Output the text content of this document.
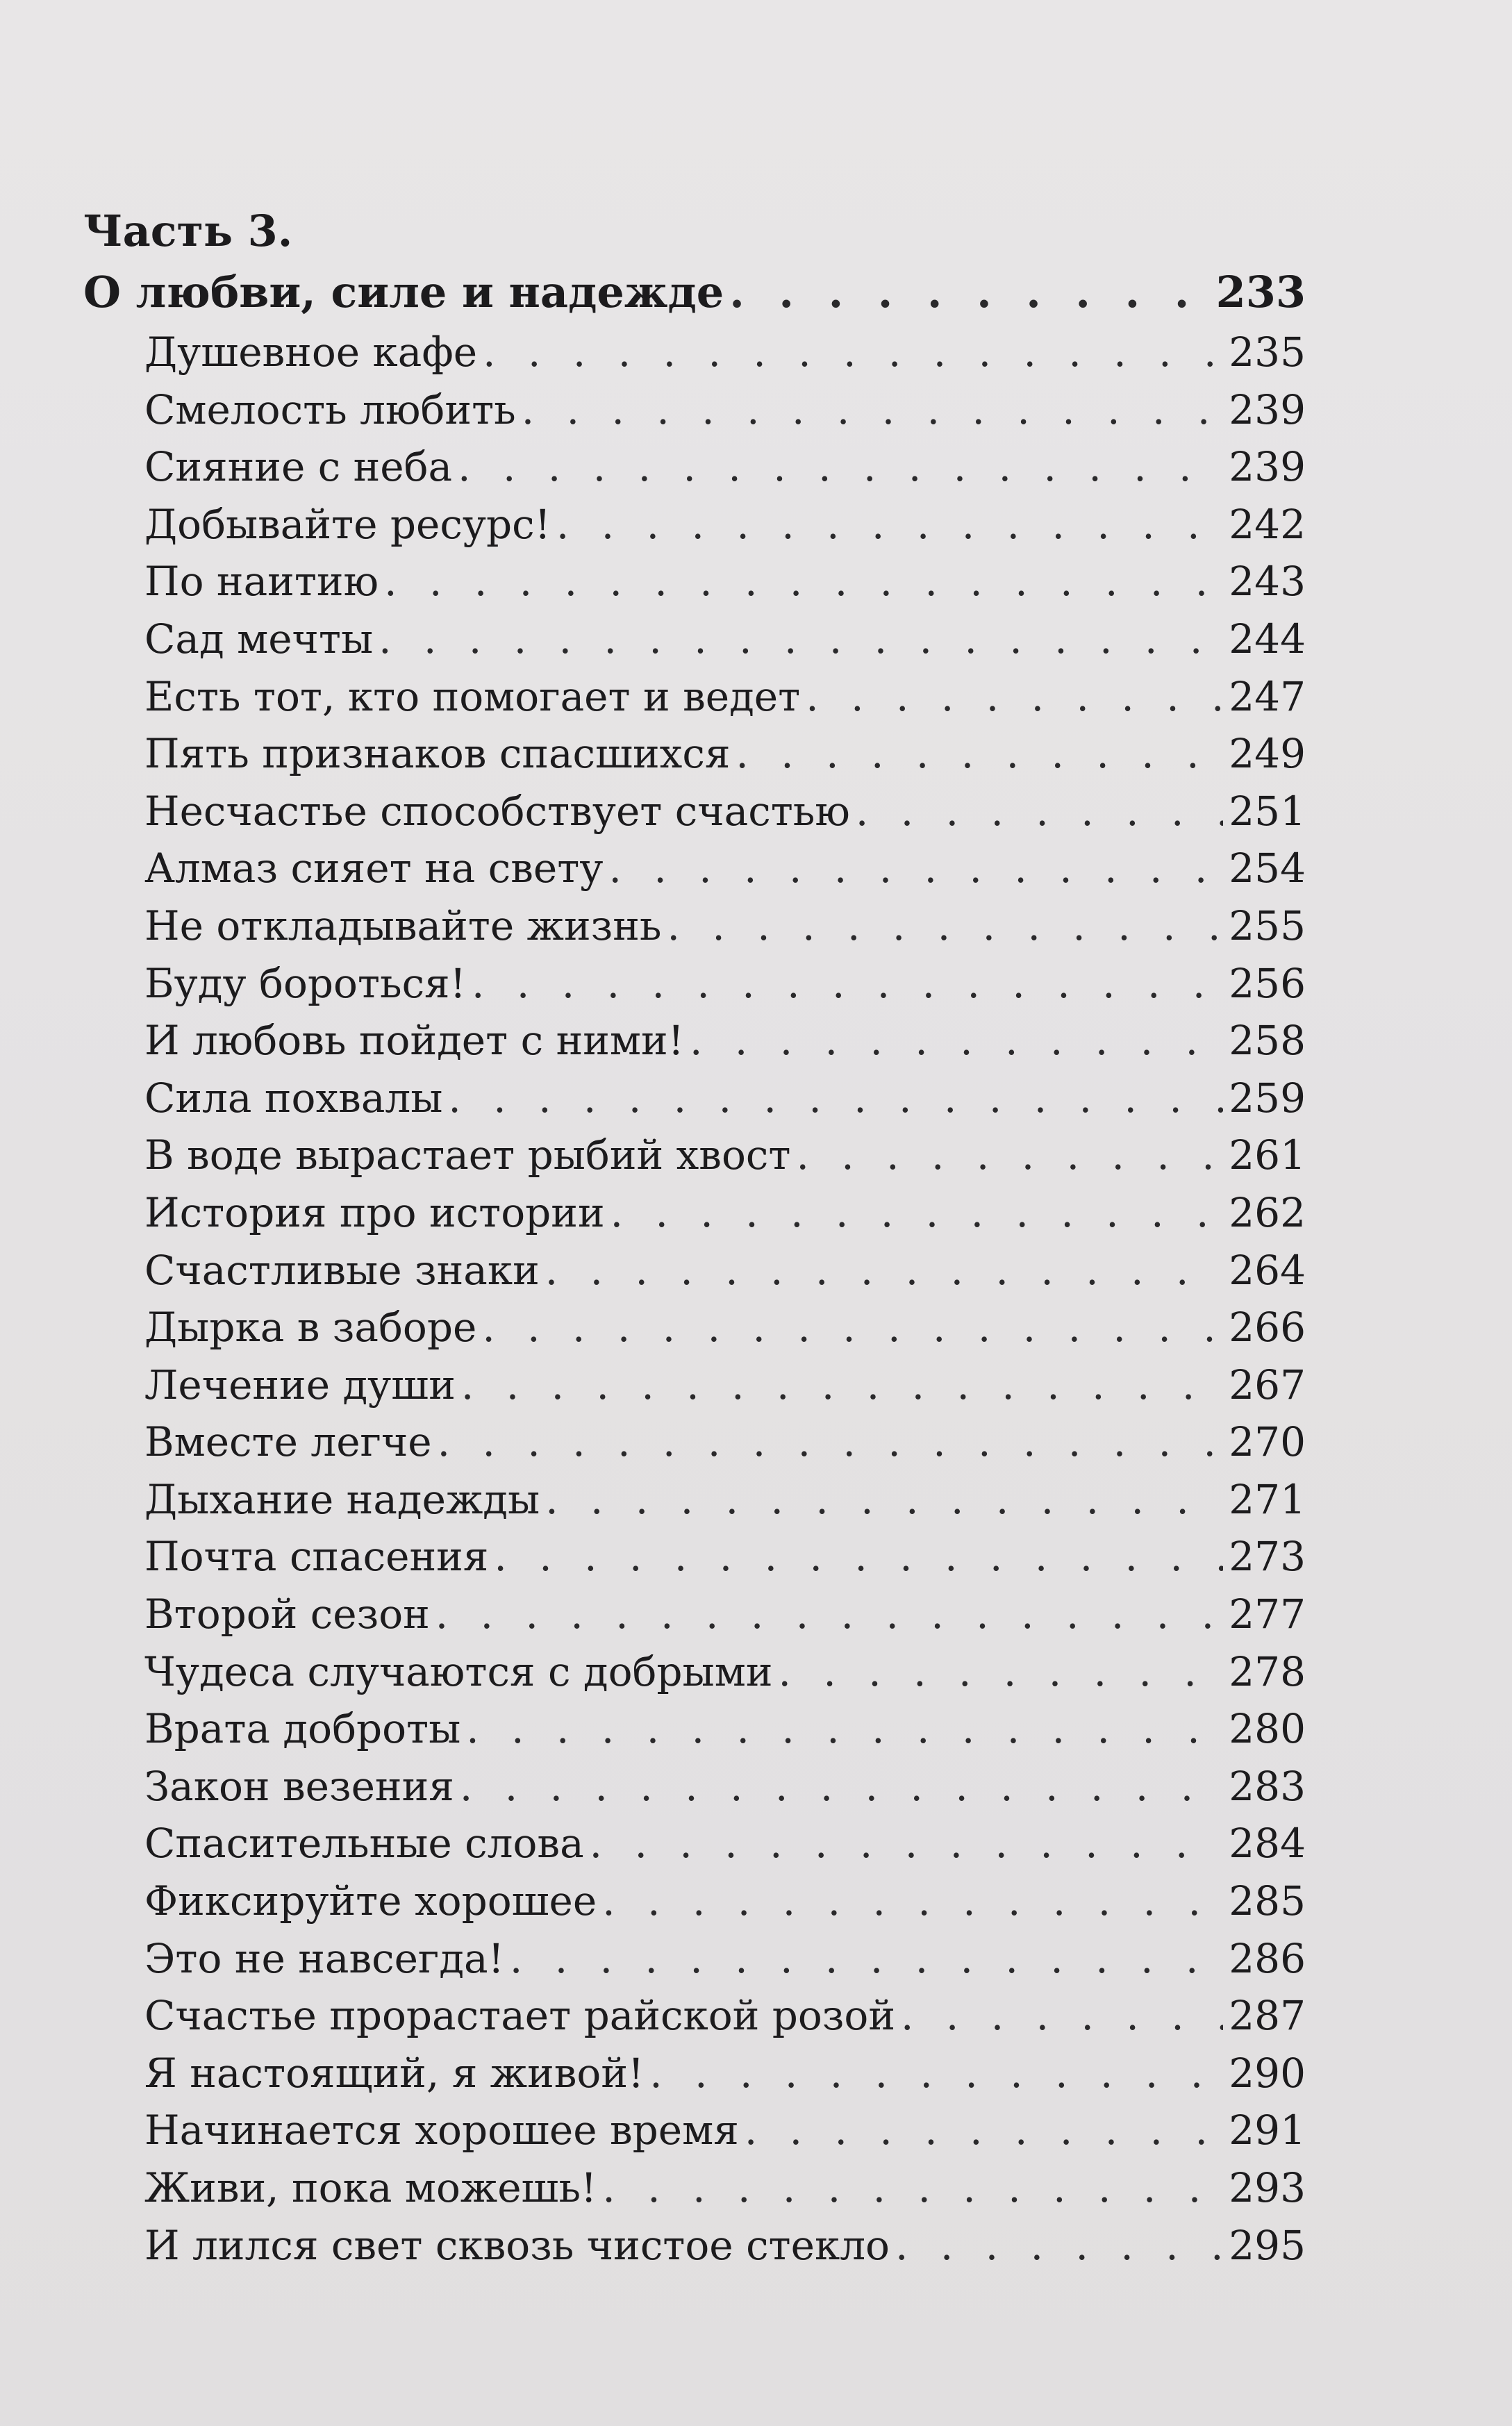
Часть 3.
О любви, силе и надежде . . .	233
Душевное кафе . . .	235
Смелость любить . . .	239
Сияние с неба . . .	239
Добывайте ресурс! . . .	242
По наитию . . .	243
Сад мечты . . .	244
Есть тот, кто помогает и ведет . . .	247
Пять признаков спасшихся . . .	249
Несчастье способствует счастью . . .	251
Алмаз сияет на свету . . .	254
Не откладывайте жизнь . . .	255
Буду бороться! . . .	256
И любовь пойдет с ними! . . .	258
Сила похвалы . . .	259
В воде вырастает рыбий хвост . . .	261
История про истории . . .	262
Счастливые знаки . . .	264
Дырка в заборе . . .	266
Лечение души . . .	267
Вместе легче . . .	270
Дыхание надежды . . .	271
Почта спасения . . .	273
Второй сезон . . .	277
Чудеса случаются с добрыми . . .	278
Врата доброты . . .	280
Закон везения . . .	283
Спасительные слова . . .	284
Фиксируйте хорошее . . .	285
Это не навсегда! . . .	286
Счастье прорастает райской розой . . .	287
Я настоящий, я живой! . . .	290
Начинается хорошее время . . .	291
Живи, пока можешь! . . .	293
И лился свет сквозь чистое стекло . . .	295
